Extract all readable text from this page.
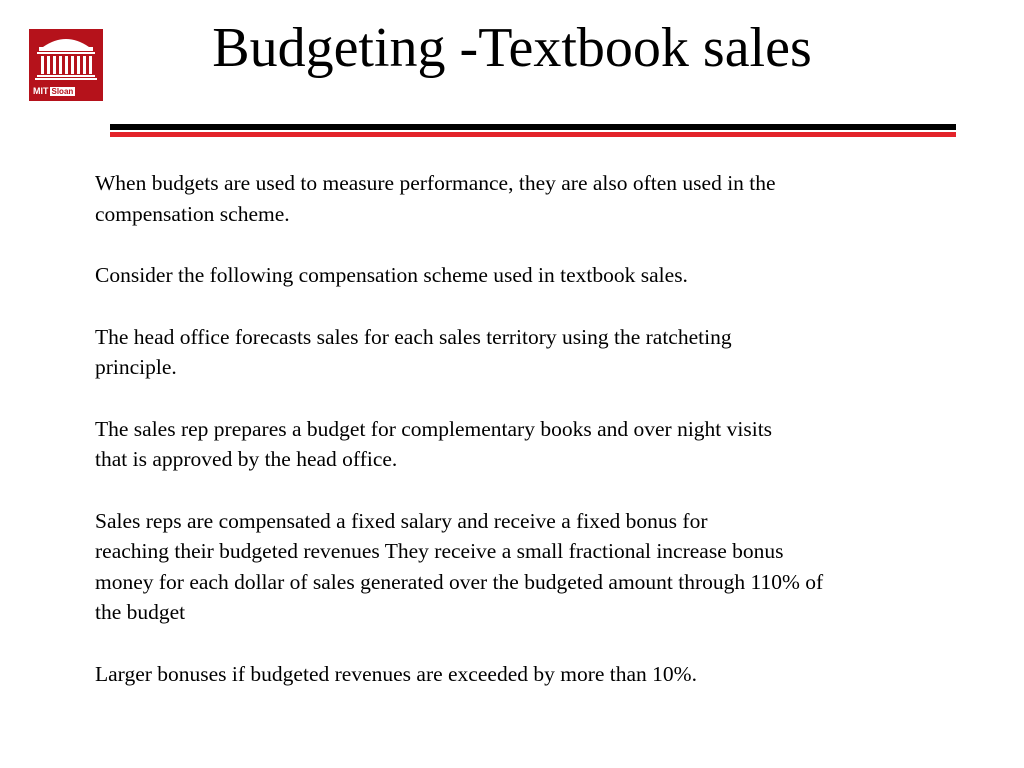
MIT Sloan
Budgeting -Textbook sales

When budgets are used to measure performance, they are also often used in the
compensation scheme.

Consider the following compensation scheme used in textbook sales.

The head office forecasts sales for each sales territory using the ratcheting
principle.

The sales rep prepares a budget for complementary books and over night visits
that is approved by the head office.

Sales reps are compensated a fixed salary and receive a fixed bonus for
reaching their budgeted revenues They receive a small fractional increase bonus
money for each dollar of sales generated over the budgeted amount through 110% of
the budget

Larger bonuses if budgeted revenues are exceeded by more than 10%.
